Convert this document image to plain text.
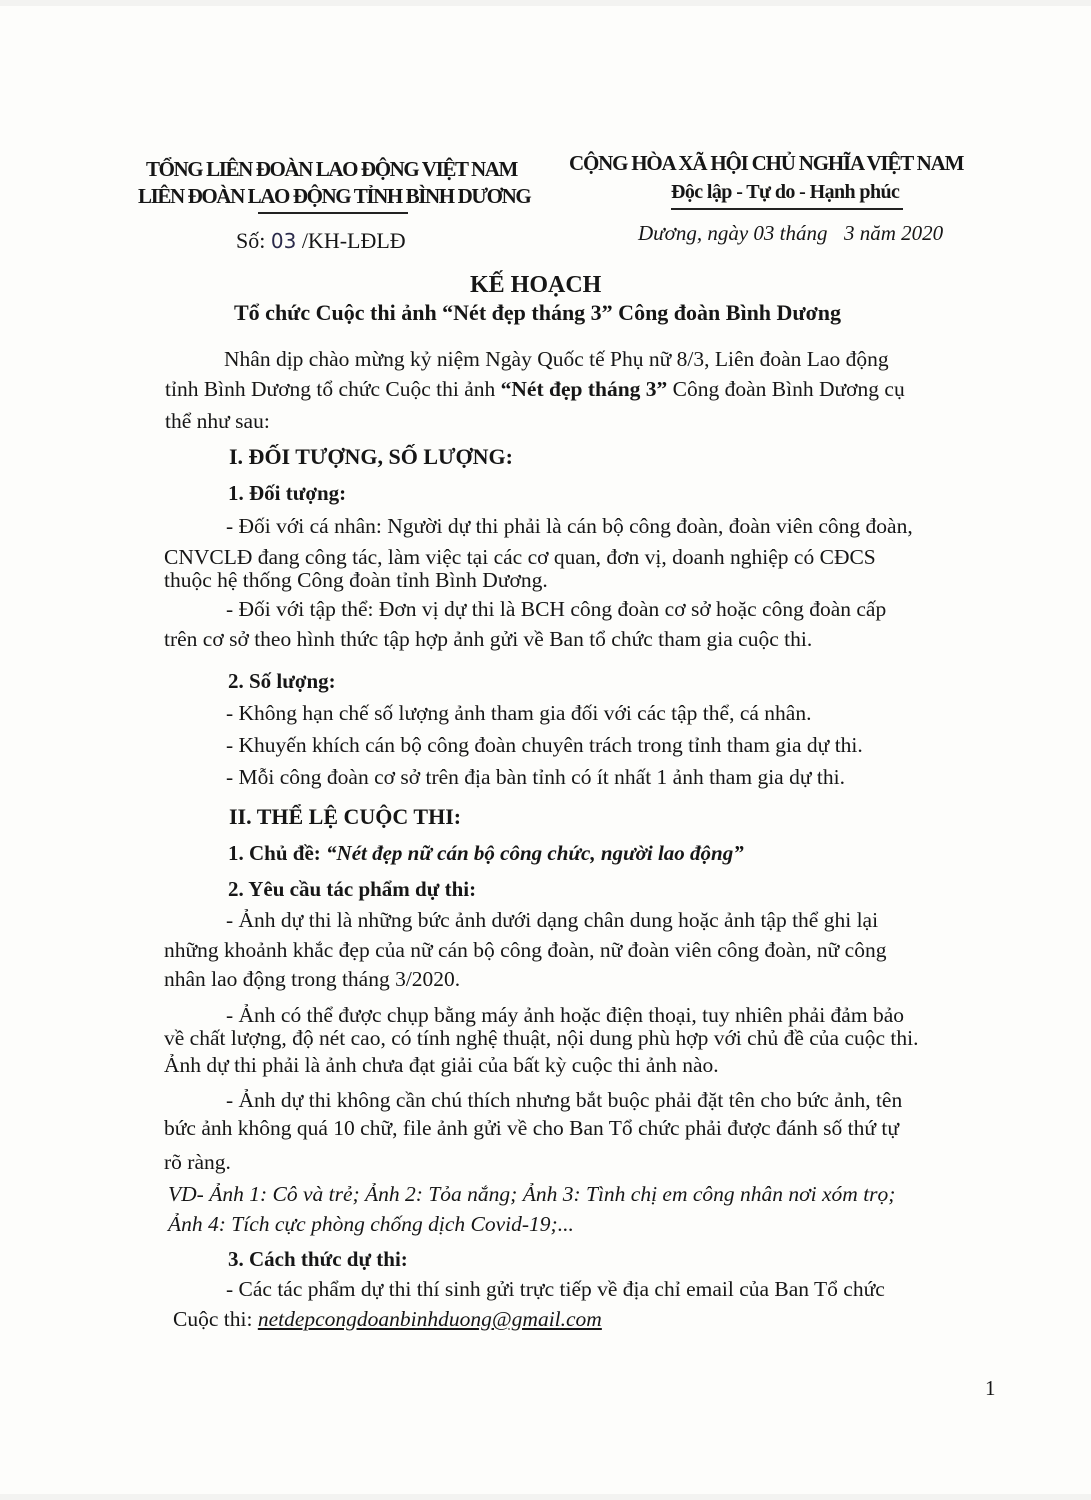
TỔNG LIÊN ĐOÀN LAO ĐỘNG VIỆT NAM
LIÊN ĐOÀN LAO ĐỘNG TỈNH BÌNH DƯƠNG
CỘNG HÒA XÃ HỘI CHỦ NGHĨA VIỆT NAM
Độc lập - Tự do - Hạnh phúc
Số: 03 /KH-LĐLĐ	Dương, ngày 03 tháng 3 năm 2020
KẾ HOẠCH
Tổ chức Cuộc thi ảnh “Nét đẹp tháng 3” Công đoàn Bình Dương
Nhân dịp chào mừng kỷ niệm Ngày Quốc tế Phụ nữ 8/3, Liên đoàn Lao động
tỉnh Bình Dương tổ chức Cuộc thi ảnh “Nét đẹp tháng 3” Công đoàn Bình Dương cụ
thể như sau:
I. ĐỐI TƯỢNG, SỐ LƯỢNG:
1. Đối tượng:
- Đối với cá nhân: Người dự thi phải là cán bộ công đoàn, đoàn viên công đoàn,
CNVCLĐ đang công tác, làm việc tại các cơ quan, đơn vị, doanh nghiệp có CĐCS
thuộc hệ thống Công đoàn tỉnh Bình Dương.
- Đối với tập thể: Đơn vị dự thi là BCH công đoàn cơ sở hoặc công đoàn cấp
trên cơ sở theo hình thức tập hợp ảnh gửi về Ban tổ chức tham gia cuộc thi.
2. Số lượng:
- Không hạn chế số lượng ảnh tham gia đối với các tập thể, cá nhân.
- Khuyến khích cán bộ công đoàn chuyên trách trong tỉnh tham gia dự thi.
- Mỗi công đoàn cơ sở trên địa bàn tỉnh có ít nhất 1 ảnh tham gia dự thi.
II. THỂ LỆ CUỘC THI:
1. Chủ đề: “Nét đẹp nữ cán bộ công chức, người lao động”
2. Yêu cầu tác phẩm dự thi:
- Ảnh dự thi là những bức ảnh dưới dạng chân dung hoặc ảnh tập thể ghi lại
những khoảnh khắc đẹp của nữ cán bộ công đoàn, nữ đoàn viên công đoàn, nữ công
nhân lao động trong tháng 3/2020.
- Ảnh có thể được chụp bằng máy ảnh hoặc điện thoại, tuy nhiên phải đảm bảo
về chất lượng, độ nét cao, có tính nghệ thuật, nội dung phù hợp với chủ đề của cuộc thi.
Ảnh dự thi phải là ảnh chưa đạt giải của bất kỳ cuộc thi ảnh nào.
- Ảnh dự thi không cần chú thích nhưng bắt buộc phải đặt tên cho bức ảnh, tên
bức ảnh không quá 10 chữ, file ảnh gửi về cho Ban Tổ chức phải được đánh số thứ tự
rõ ràng.
VD- Ảnh 1: Cô và trẻ; Ảnh 2: Tỏa nắng; Ảnh 3: Tình chị em công nhân nơi xóm trọ;
Ảnh 4: Tích cực phòng chống dịch Covid-19;...
3. Cách thức dự thi:
- Các tác phẩm dự thi thí sinh gửi trực tiếp về địa chỉ email của Ban Tổ chức
Cuộc thi: netdepcongdoanbinhduong@gmail.com
1
